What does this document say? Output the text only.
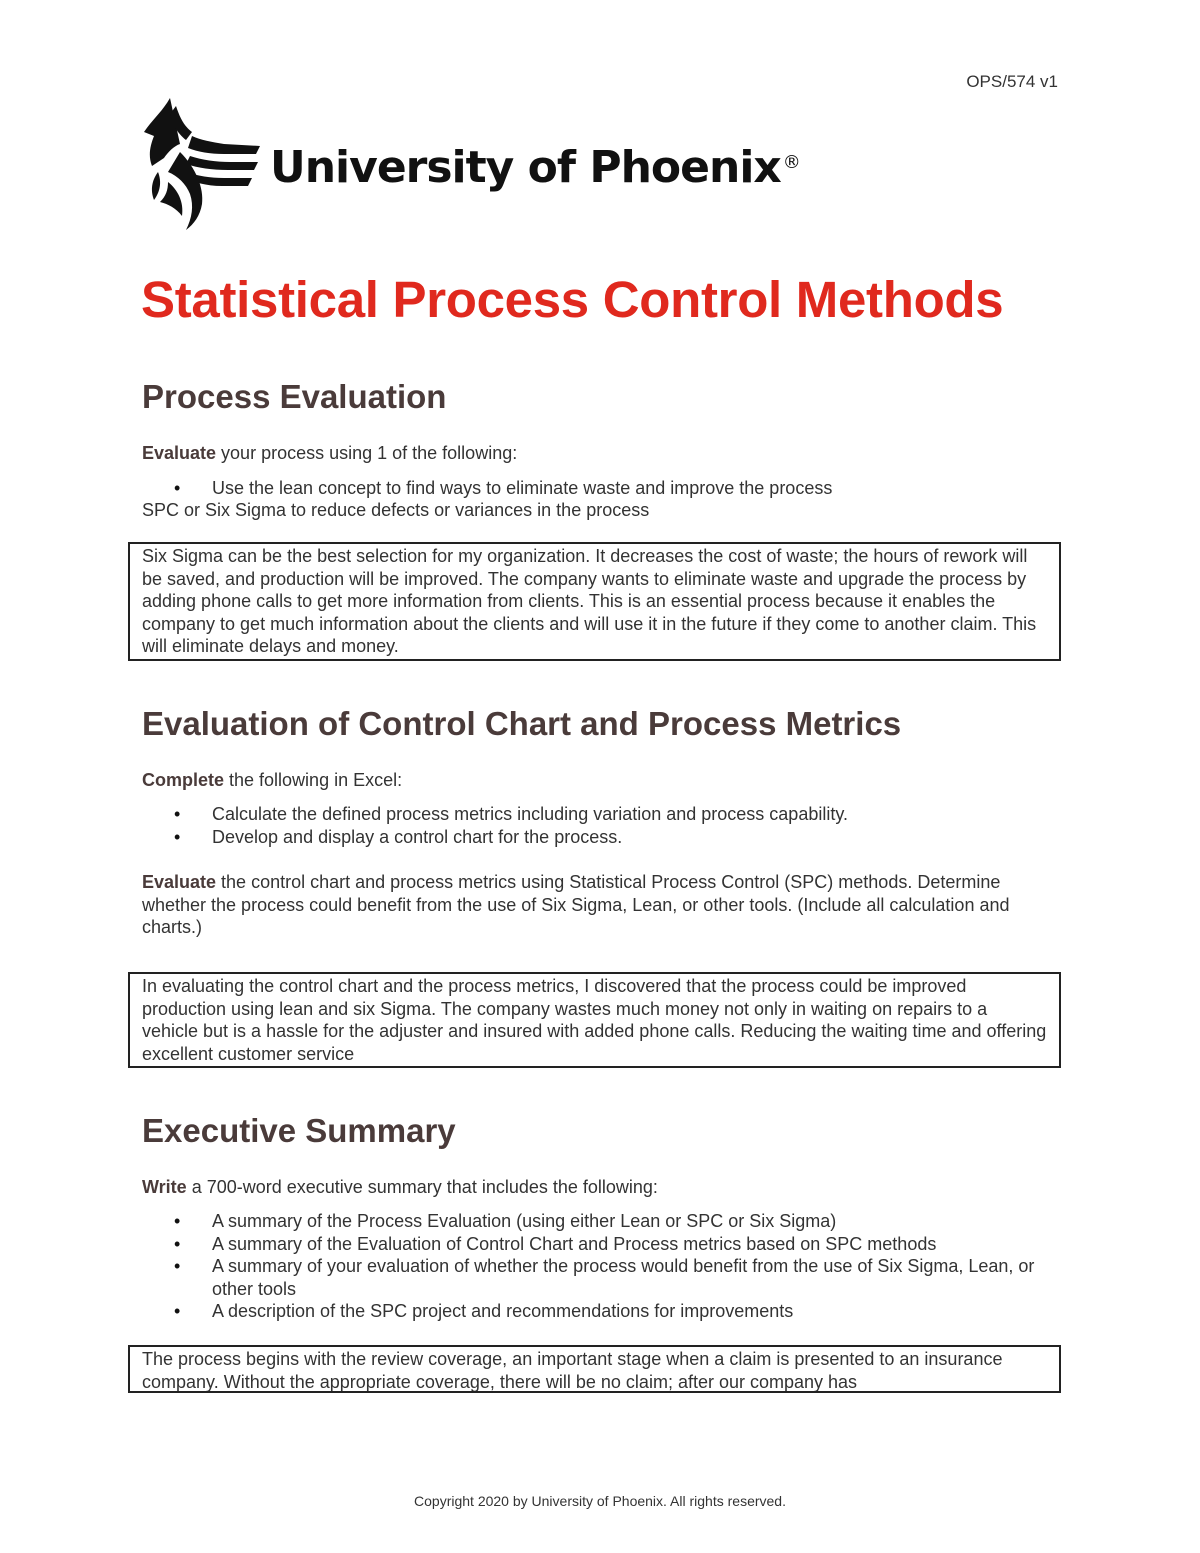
OPS/574 v1
University of Phoenix ®
Statistical Process Control Methods
Process Evaluation

Evaluate your process using 1 of the following:

• Use the lean concept to find ways to eliminate waste and improve the process

SPC or Six Sigma to reduce defects or variances in the process

Six Sigma can be the best selection for my organization. It decreases the cost of waste; the hours of rework will be saved, and production will be improved. The company wants to eliminate waste and upgrade the process by adding phone calls to get more information from clients. This is an essential process because it enables the company to get much information about the clients and will use it in the future if they come to another claim. This will eliminate delays and money.
Evaluation of Control Chart and Process Metrics

Complete the following in Excel:

• Calculate the defined process metrics including variation and process capability.
• Develop and display a control chart for the process.

Evaluate the control chart and process metrics using Statistical Process Control (SPC) methods. Determine whether the process could benefit from the use of Six Sigma, Lean, or other tools. (Include all calculation and charts.)

In evaluating the control chart and the process metrics, I discovered that the process could be improved production using lean and six Sigma. The company wastes much money not only in waiting on repairs to a vehicle but is a hassle for the adjuster and insured with added phone calls. Reducing the waiting time and offering excellent customer service
Executive Summary

Write a 700-word executive summary that includes the following:

• A summary of the Process Evaluation (using either Lean or SPC or Six Sigma)
• A summary of the Evaluation of Control Chart and Process metrics based on SPC methods
• A summary of your evaluation of whether the process would benefit from the use of Six Sigma, Lean, or other tools
• A description of the SPC project and recommendations for improvements
The process begins with the review coverage, an important stage when a claim is presented to an insurance company. Without the appropriate coverage, there will be no claim; after our company has
Copyright 2020 by University of Phoenix. All rights reserved.
